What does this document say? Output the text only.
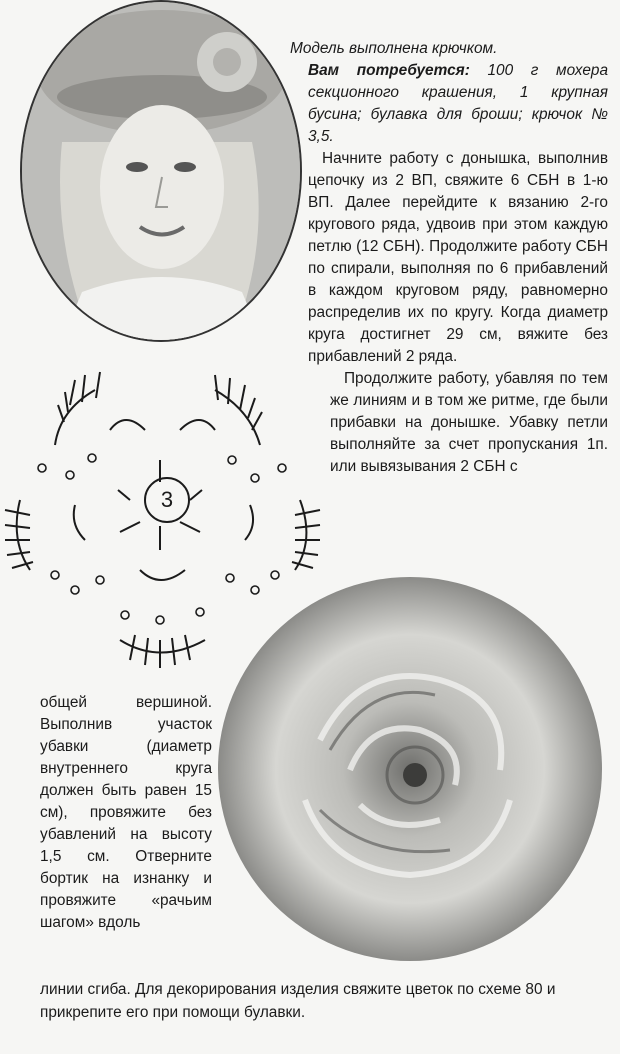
Модель выполнена крючком.

Вам потребуется: 100 г мохера секционного крашения, 1 крупная бусина; булавка для броши; крючок № 3,5.

Начните работу с донышка, выполнив цепочку из 2 ВП, свяжите 6 СБН в 1-ю ВП. Далее перейдите к вязанию 2-го кругового ряда, удвоив при этом каждую петлю (12 СБН). Продолжите работу СБН по спирали, выполняя по 6 прибавлений в каждом круговом ряду, равномерно распределив их по кругу. Когда диаметр круга достигнет 29 см, вяжите без прибавлений 2 ряда.

Продолжите работу, убавляя по тем же линиям и в том же ритме, где были прибавки на донышке. Убавку петли выполняйте за счет пропускания 1п. или вывязывания 2 СБН с

3

общей вершиной. Выполнив участок убавки (диаметр внутреннего круга должен быть равен 15 см), провяжите без убавлений на высоту 1,5 см. Отверните бортик на изнанку и провяжите «рачьим шагом» вдоль

линии сгиба. Для декорирования изделия свяжите цветок по схеме 80 и прикрепите его при помощи булавки.
